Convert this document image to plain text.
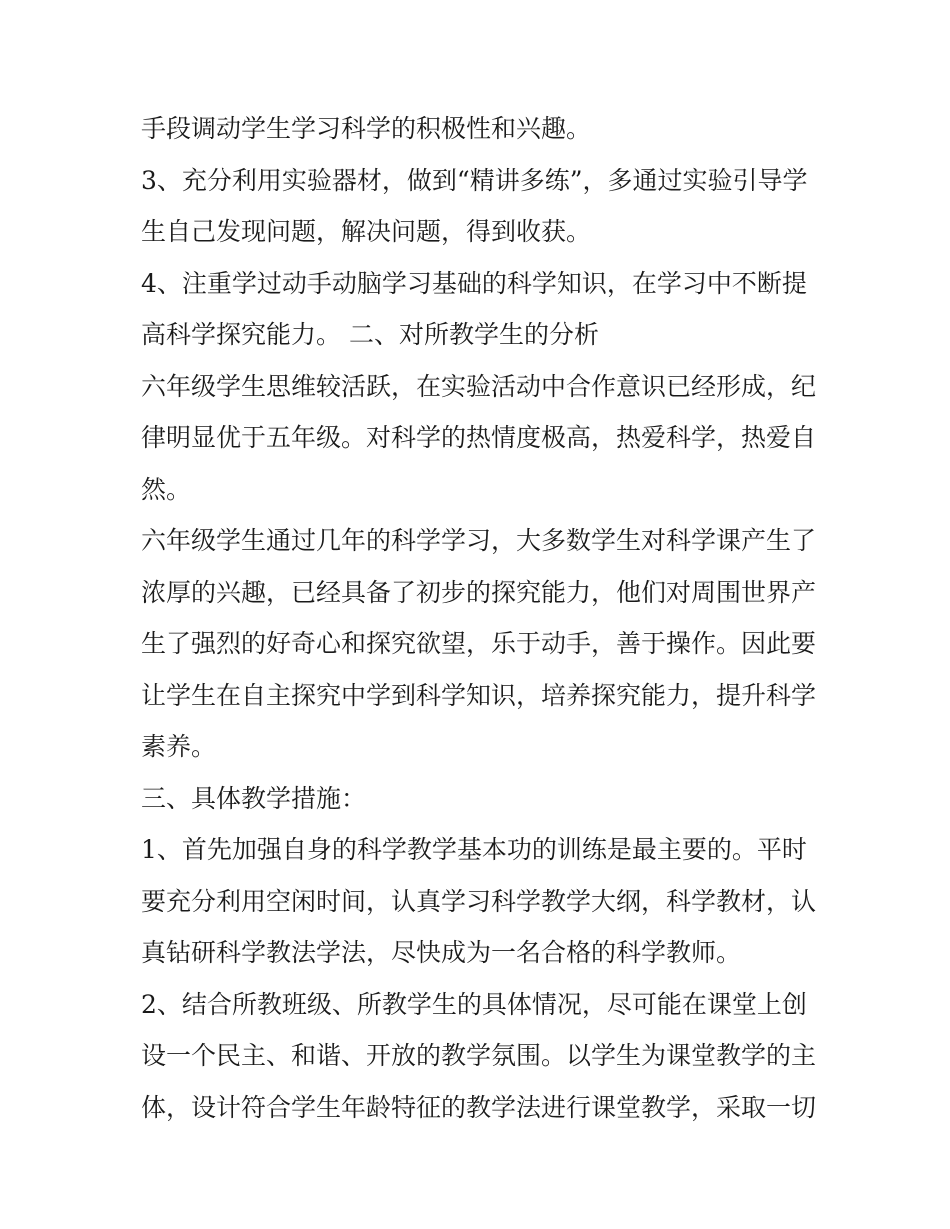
手段调动学生学习科学的积极性和兴趣。
3、充分利用实验器材，做到“精讲多练”，多通过实验引导学
生自己发现问题，解决问题，得到收获。
4、注重学过动手动脑学习基础的科学知识，在学习中不断提
高科学探究能力。 二、对所教学生的分析
六年级学生思维较活跃，在实验活动中合作意识已经形成，纪
律明显优于五年级。对科学的热情度极高，热爱科学，热爱自
然。
六年级学生通过几年的科学学习，大多数学生对科学课产生了
浓厚的兴趣，已经具备了初步的探究能力，他们对周围世界产
生了强烈的好奇心和探究欲望，乐于动手，善于操作。因此要
让学生在自主探究中学到科学知识，培养探究能力，提升科学
素养。
三、具体教学措施：
1、首先加强自身的科学教学基本功的训练是最主要的。平时
要充分利用空闲时间，认真学习科学教学大纲，科学教材，认
真钻研科学教法学法，尽快成为一名合格的科学教师。
2、结合所教班级、所教学生的具体情况，尽可能在课堂上创
设一个民主、和谐、开放的教学氛围。以学生为课堂教学的主
体，设计符合学生年龄特征的教学法进行课堂教学，采取一切
